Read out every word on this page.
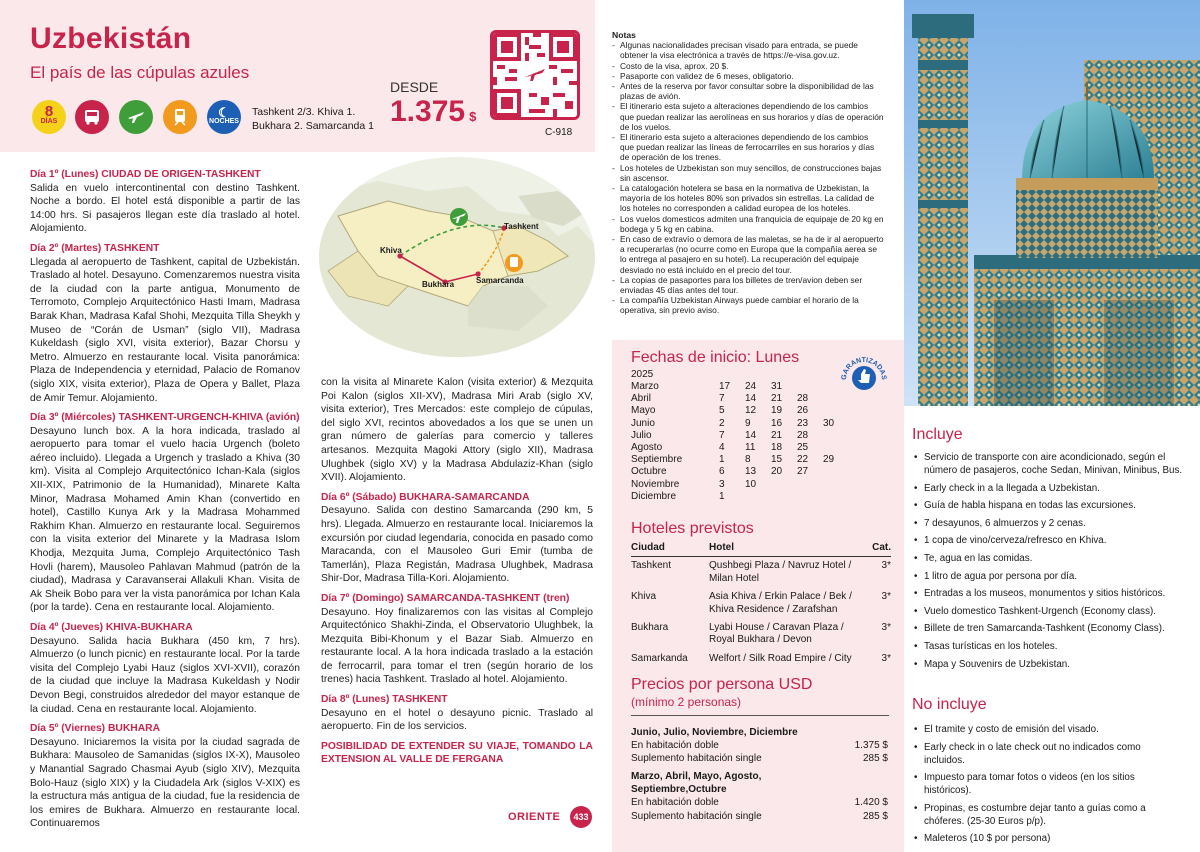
Uzbekistán
El país de las cúpulas azules
8
DÍAS
☾
NOCHES
Tashkent 2/3. Khiva 1.
Bukhara 2. Samarcanda 1
DESDE
1.375 $
C-918
Khiva
Tashkent
Bukhara	Samarcanda

Día 1º (Lunes) CIUDAD DE ORIGEN-TASHKENT
Salida en vuelo intercontinental con destino Tashkent. Noche a bordo. El hotel está disponible a partir de las 14:00 hrs. Si pasajeros llegan este día traslado al hotel. Alojamiento.

Día 2º (Martes) TASHKENT
Llegada al aeropuerto de Tashkent, capital de Uzbekistán. Traslado al hotel. Desayuno. Comenzaremos nuestra visita de la ciudad con la parte antigua, Monumento de Terromoto, Complejo Arquitectónico Hasti Imam, Madrasa Barak Khan, Madrasa Kafal Shohi, Mezquita Tilla Sheykh y Museo de “Corán de Usman” (siglo VII), Madrasa Kukeldash (siglo XVI, visita exterior), Bazar Chorsu y Metro. Almuerzo en restaurante local. Visita panorámica: Plaza de Independencia y eternidad, Palacio de Romanov (siglo XIX, visita exterior), Plaza de Opera y Ballet, Plaza de Amir Temur. Alojamiento.

Día 3º (Miércoles) TASHKENT-URGENCH-KHIVA (avión)
Desayuno lunch box. A la hora indicada, traslado al aeropuerto para tomar el vuelo hacia Urgench (boleto aéreo incluido). Llegada a Urgench y traslado a Khiva (30 km). Visita al Complejo Arquitectónico Ichan-Kala (siglos XII-XIX, Patrimonio de la Humanidad), Minarete Kalta Minor, Madrasa Mohamed Amin Khan (convertido en hotel), Castillo Kunya Ark y la Madrasa Mohammed Rakhim Khan. Almuerzo en restaurante local. Seguiremos con la visita exterior del Minarete y la Madrasa Islom Khodja, Mezquita Juma, Complejo Arquitectónico Tash Hovli (harem), Mausoleo Pahlavan Mahmud (patrón de la ciudad), Madrasa y Caravanserai Allakuli Khan. Visita de Ak Sheik Bobo para ver la vista panorámica por Ichan Kala (por la tarde). Cena en restaurante local. Alojamiento.

Día 4º (Jueves) KHIVA-BUKHARA
Desayuno. Salida hacia Bukhara (450 km, 7 hrs). Almuerzo (o lunch picnic) en restaurante local. Por la tarde visita del Complejo Lyabi Hauz (siglos XVI-XVII), corazón de la ciudad que incluye la Madrasa Kukeldash y Nodir Devon Begi, construidos alrededor del mayor estanque de la ciudad. Cena en restaurante local. Alojamiento.

Día 5º (Viernes) BUKHARA
Desayuno. Iniciaremos la visita por la ciudad sagrada de Bukhara: Mausoleo de Samanidas (siglos IX-X), Mausoleo y Manantial Sagrado Chasmai Ayub (siglo XIV), Mezquita Bolo-Hauz (siglo XIX) y la Ciudadela Ark (siglos V-XIX) es la estructura más antigua de la ciudad, fue la residencia de los emires de Bukhara. Almuerzo en restaurante local. Continuaremos

con la visita al Minarete Kalon (visita exterior) & Mezquita Poi Kalon (siglos XII-XV), Madrasa Miri Arab (siglo XV, visita exterior), Tres Mercados: este complejo de cúpulas, del siglo XVI, recintos abovedados a los que se unen un gran número de galerías para comercio y talleres artesanos. Mezquita Magoki Attory (siglo XII), Madrasa Ulughbek (siglo XV) y la Madrasa Abdulaziz-Khan (siglo XVII). Alojamiento.

Día 6º (Sábado) BUKHARA-SAMARCANDA
Desayuno. Salida con destino Samarcanda (290 km, 5 hrs). Llegada. Almuerzo en restaurante local. Iniciaremos la excursión por ciudad legendaria, conocida en pasado como Maracanda, con el Mausoleo Guri Emir (tumba de Tamerlán), Plaza Registán, Madrasa Ulughbek, Madrasa Shir-Dor, Madrasa Tilla-Kori. Alojamiento.

Día 7º (Domingo) SAMARCANDA-TASHKENT (tren)
Desayuno. Hoy finalizaremos con las visitas al Complejo Arquitectónico Shakhi-Zinda, el Observatorio Ulughbek, la Mezquita Bibi-Khonum y el Bazar Siab. Almuerzo en restaurante local. A la hora indicada traslado a la estación de ferrocarril, para tomar el tren (según horario de los trenes) hacia Tashkent. Traslado al hotel. Alojamiento.

Día 8º (Lunes) TASHKENT
Desayuno en el hotel o desayuno picnic. Traslado al aeropuerto. Fin de los servicios.

POSIBILIDAD DE EXTENDER SU VIAJE, TOMANDO LA EXTENSION AL VALLE DE FERGANA

Notas
- Algunas nacionalidades precisan visado para entrada, se puede obtener la visa electrónica a través de https://e-visa.gov.uz.
- Costo de la visa, aprox. 20 $.
- Pasaporte con validez de 6 meses, obligatorio.
- Antes de la reserva por favor consultar sobre la disponibilidad de las plazas de avión.
- El itinerario esta sujeto a alteraciones dependiendo de los cambios que puedan realizar las aerolíneas en sus horarios y días de operación de los vuelos.
- El itinerario esta sujeto a alteraciones dependiendo de los cambios que puedan realizar las líneas de ferrocarriles en sus horarios y días de operación de los trenes.
- Los hoteles de Uzbekistan son muy sencillos, de construcciones bajas sin ascensor.
- La catalogación hotelera se basa en la normativa de Uzbekistan, la mayoría de los hoteles 80% son privados sin estrellas. La calidad de los hoteles no corresponden a calidad europea de los hoteles.
- Los vuelos domesticos admiten una franquicia de equipaje de 20 kg en bodega y 5 kg en cabina.
- En caso de extravío o demora de las maletas, se ha de ir al aeropuerto a recuperarlas (no ocurre como en Europa que la compañía aerea se lo entrega al pasajero en su hotel). La recuperación del equipaje desviado no está incluido en el precio del tour.
- La copias de pasaportes para los billetes de tren/avion deben ser enviadas 45 días antes del tour.
- La compañía Uzbekistan Airways puede cambiar el horario de la operativa, sin previo aviso.
Fechas de inicio: Lunes
GARANTIZADAS
2025
Marzo	17	24	31		
Abril	7	14	21	28	
Mayo	5	12	19	26	
Junio	2	9	16	23	30
Julio	7	14	21	28	
Agosto	4	11	18	25	
Septiembre	1	8	15	22	29
Octubre	6	13	20	27	
Noviembre	3	10			
Diciembre	1				
Hoteles previstos
Ciudad	Hotel	Cat.
Tashkent	Qushbegi Plaza / Navruz Hotel / Milan Hotel	3*
Khiva	Asia Khiva / Erkin Palace / Bek / Khiva Residence / Zarafshan	3*
Bukhara	Lyabi House / Caravan Plaza / Royal Bukhara / Devon	3*
Samarkanda	Welfort / Silk Road Empire / City	3*
Precios por persona USD
(mínimo 2 personas)
Junio, Julio, Noviembre, Diciembre
En habitación doble	1.375 $
Suplemento habitación single	285 $
Marzo, Abril, Mayo, Agosto, Septiembre,Octubre
En habitación doble	1.420 $
Suplemento habitación single	285 $
Incluye
• Servicio de transporte con aire acondicionado, según el número de pasajeros, coche Sedan, Minivan, Minibus, Bus.
• Early check in a la llegada a Uzbekistan.
• Guía de habla hispana en todas las excursiones.
• 7 desayunos, 6 almuerzos y 2 cenas.
• 1 copa de vino/cerveza/refresco en Khiva.
• Te, agua en las comidas.
• 1 litro de agua por persona por día.
• Entradas a los museos, monumentos y sitios históricos.
• Vuelo domestico Tashkent-Urgench (Economy class).
• Billete de tren Samarcanda-Tashkent (Economy Class).
• Tasas turísticas en los hoteles.
• Mapa y Souvenirs de Uzbekistan.
No incluye
• El tramite y costo de emisión del visado.
• Early check in o late check out no indicados como incluidos.
• Impuesto para tomar fotos o videos (en los sitios históricos).
• Propinas, es costumbre dejar tanto a guías como a chóferes. (25-30 Euros p/p).
• Maleteros (10 $ por persona)
ORIENTE	433
